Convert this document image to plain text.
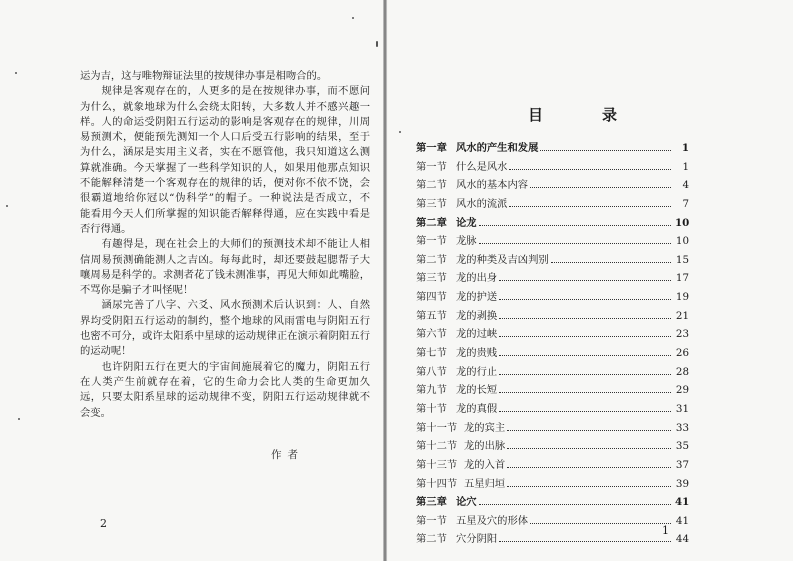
运为吉，这与唯物辩证法里的按规律办事是相吻合的。
　　规律是客观存在的，人更多的是在按规律办事，而不愿问
为什么，就象地球为什么会绕太阳转，大多数人并不感兴趣一
样。人的命运受阴阳五行运动的影响是客观存在的规律，川周
易预测术，便能预先测知一个人口后受五行影响的结果，至于
为什么，涵尿是实用主义者，实在不愿管他，我只知道这么测
算就准确。今天掌握了一些科学知识的人，如果用他那点知识
不能解释清楚一个客观存在的规律的话，便对你不依不饶，会
很霸道地给你冠以“伪科学”的帽子。一种说法是否成立，不
能看用今天人们所掌握的知识能否解释得通，应在实践中看是
否行得通。
　　有趣得是，现在社会上的大师们的预测技术却不能让人相
信周易预测确能测人之吉凶。每每此时，却还要鼓起腮帮子大
嚷周易是科学的。求测者花了钱未测准事，再见大师如此嘴脸，
不骂你是骗子才叫怪呢！
　　涵尿完善了八字、六爻、风水预测术后认识到：人、自然
界均受阴阳五行运动的制约，整个地球的风雨雷电与阴阳五行
也密不可分，或许太阳系中星球的运动规律正在演示着阴阳五行
的运动呢！
　　也许阴阳五行在更大的宇宙间施展着它的魔力，阴阳五行
在人类产生前就存在着，它的生命力会比人类的生命更加久
远，只要太阳系星球的运动规律不变，阴阳五行运动规律就不
会变。
作者
2
目　录
第一章 风水的产生和发展	1
第一节 什么是风水	1
第二节 风水的基本内容	4
第三节 风水的流派	7
第二章 论龙	10
第一节 龙脉	10
第二节 龙的种类及吉凶判别	15
第三节 龙的出身	17
第四节 龙的护送	19
第五节 龙的剥换	21
第六节 龙的过峡	23
第七节 龙的贵贱	26
第八节 龙的行止	28
第九节 龙的长短	29
第十节 龙的真假	31
第十一节 龙的宾主	33
第十二节 龙的出脉	35
第十三节 龙的入首	37
第十四节 五星归垣	39
第三章 论穴	41
第一节 五星及穴的形体	41
第二节 穴分阴阳	44
1
